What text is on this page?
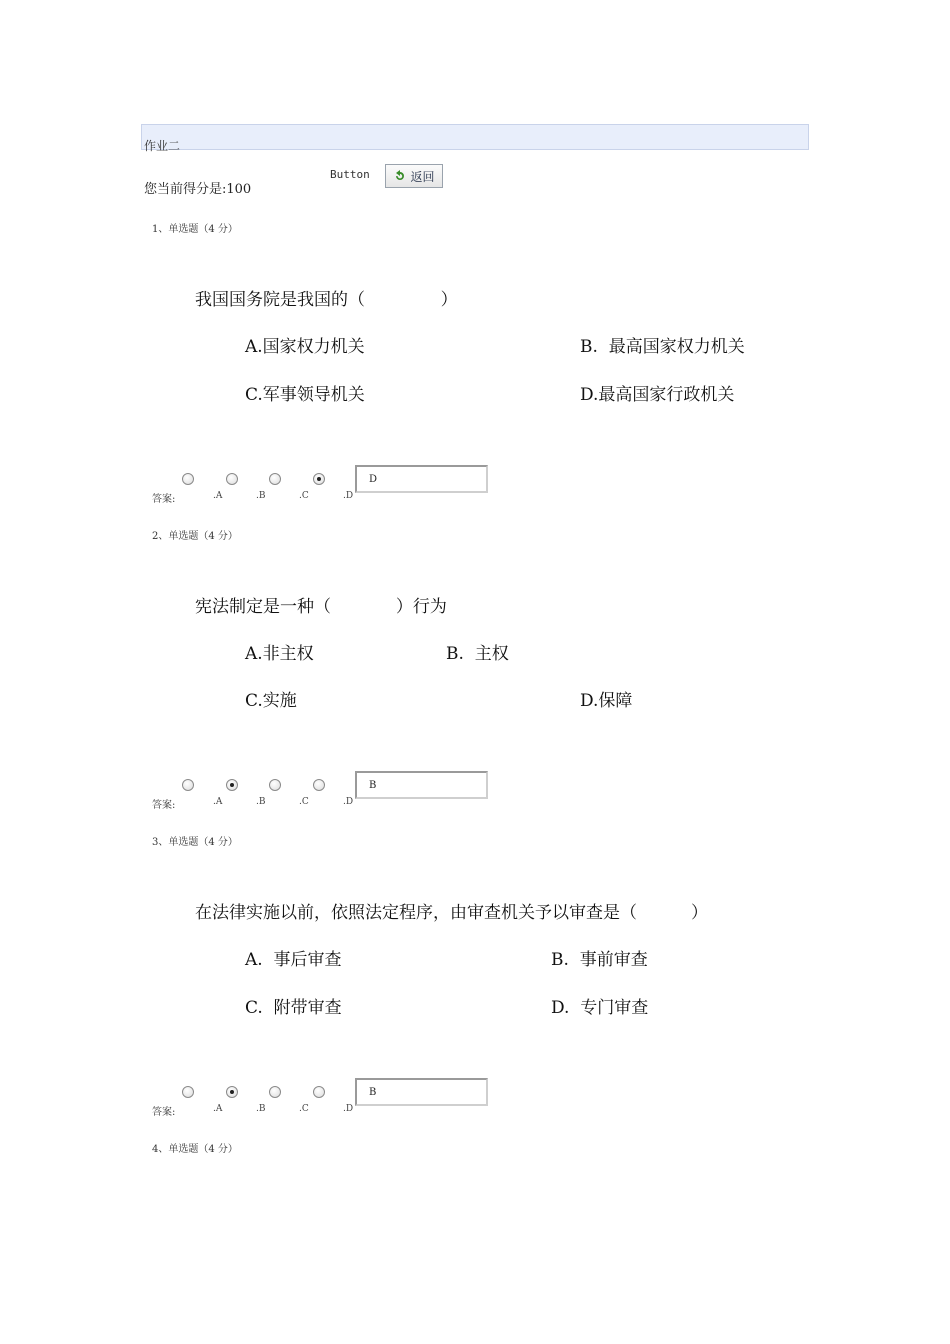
作业二
您当前得分是:100
Button	返回
1、单选题（4 分）
我国国务院是我国的（              ）
A.国家权力机关	B.  最高国家权力机关
C.军事领导机关	D.最高国家行政机关
答案:	.A	.B	.C	.D
D
2、单选题（4 分）
宪法制定是一种（            ）行为
A.非主权	B.  主权
C.实施	D.保障
答案:	.A	.B	.C	.D
B
3、单选题（4 分）
在法律实施以前，依照法定程序，由审查机关予以审查是（          ）
A.  事后审查	B.  事前审查
C.  附带审查	D.  专门审查
答案:	.A	.B	.C	.D
B
4、单选题（4 分）
